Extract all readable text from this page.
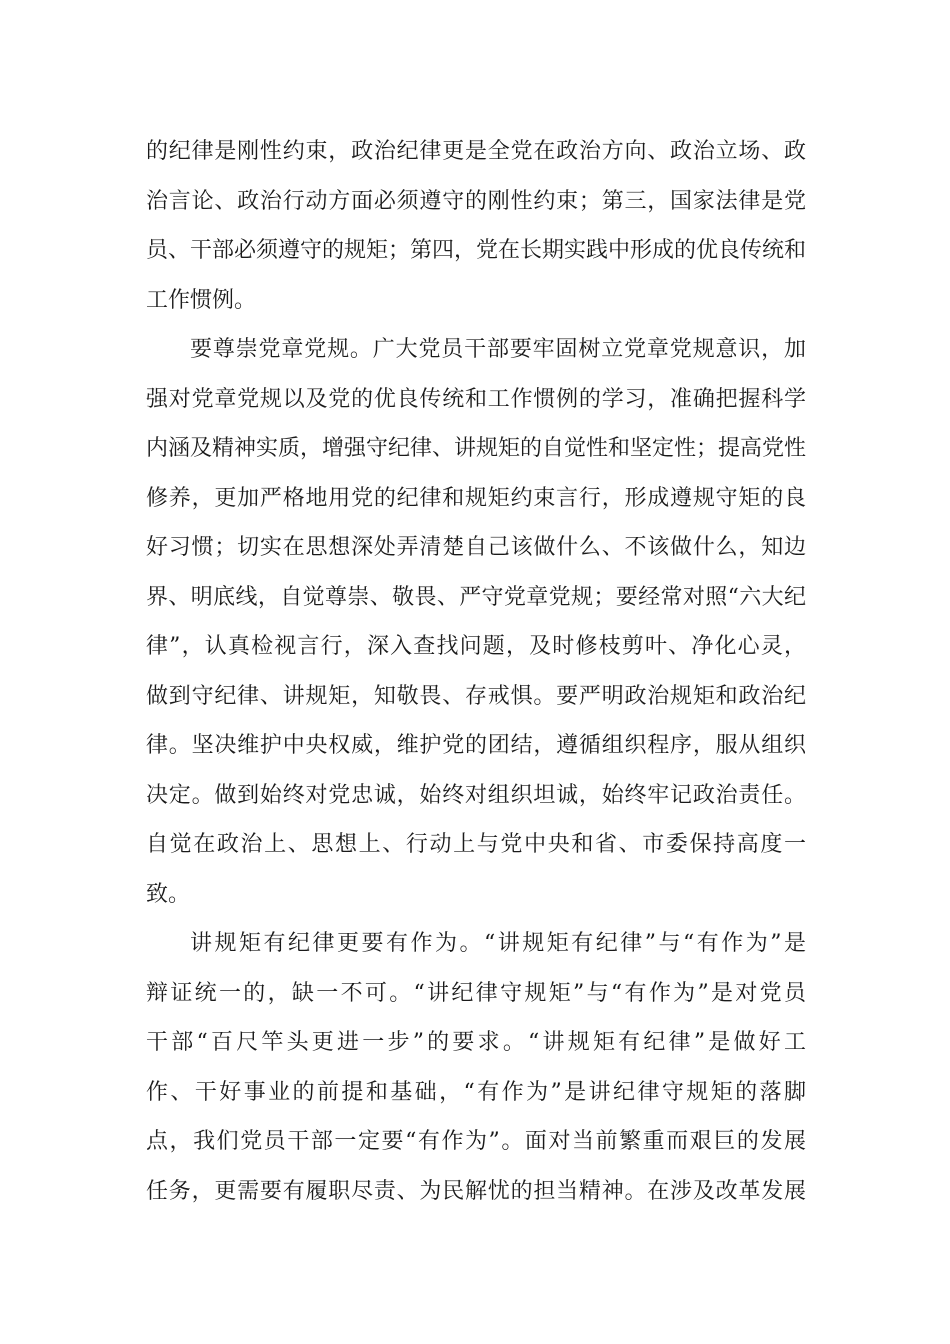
的纪律是刚性约束，政治纪律更是全党在政治方向、政治立场、政
治言论、政治行动方面必须遵守的刚性约束；第三，国家法律是党
员、干部必须遵守的规矩；第四，党在长期实践中形成的优良传统和
工作惯例。
要尊崇党章党规。广大党员干部要牢固树立党章党规意识，加
强对党章党规以及党的优良传统和工作惯例的学习，准确把握科学
内涵及精神实质，增强守纪律、讲规矩的自觉性和坚定性；提高党性
修养，更加严格地用党的纪律和规矩约束言行，形成遵规守矩的良
好习惯；切实在思想深处弄清楚自己该做什么、不该做什么，知边
界、明底线，自觉尊崇、敬畏、严守党章党规；要经常对照“六大纪
律”，认真检视言行，深入查找问题，及时修枝剪叶、净化心灵，
做到守纪律、讲规矩，知敬畏、存戒惧。要严明政治规矩和政治纪
律。坚决维护中央权威，维护党的团结，遵循组织程序，服从组织
决定。做到始终对党忠诚，始终对组织坦诚，始终牢记政治责任。
自觉在政治上、思想上、行动上与党中央和省、市委保持高度一
致。
讲规矩有纪律更要有作为。“讲规矩有纪律”与“有作为”是
辩证统一的，缺一不可。“讲纪律守规矩”与“有作为”是对党员
干部“百尺竿头更进一步”的要求。“讲规矩有纪律”是做好工
作、干好事业的前提和基础，“有作为”是讲纪律守规矩的落脚
点，我们党员干部一定要“有作为”。面对当前繁重而艰巨的发展
任务，更需要有履职尽责、为民解忧的担当精神。在涉及改革发展
